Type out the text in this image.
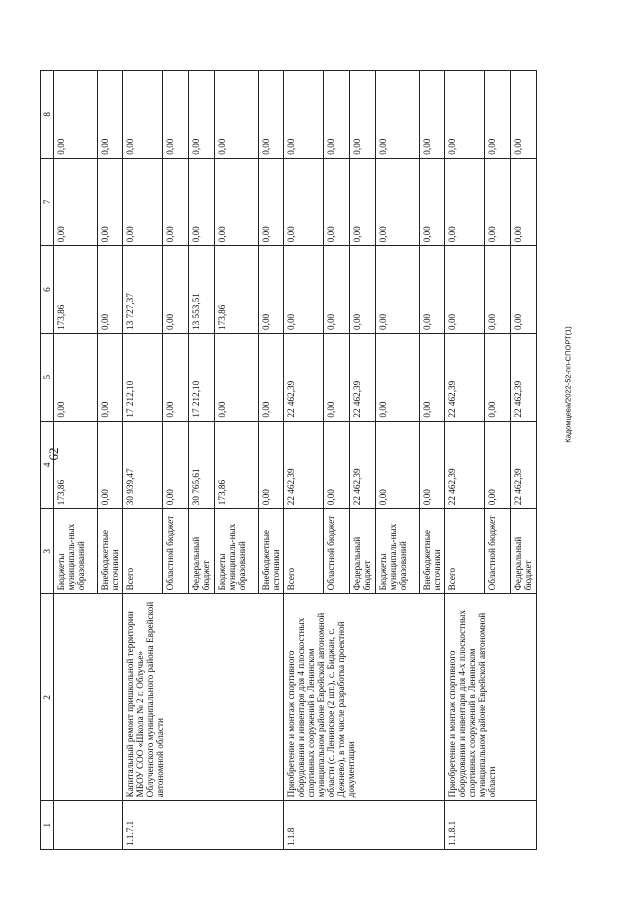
62
Кадомцева/2022-52-пп-СПОРТ(1)
1	2	3	4	5	6	7	8
		Бюджеты муниципаль-ных образований	173,86	0,00	173,86	0,00	0,00
		Внебюджетные источники	0,00	0,00	0,00	0,00	0,00
1.1.7.1	Капитальный ремонт пришкольной территории МБОУ СОО «Школа № 2 г. Облучье» Облученского муниципального района Еврейской автономной области	Всего	30 939,47	17 212,10	13 727,37	0,00	0,00
		Областной бюджет	0,00	0,00	0,00	0,00	0,00
		Федеральный бюджет	30 765,61	17 212,10	13 553,51	0,00	0,00
		Бюджеты муниципаль-ных образований	173,86	0,00	173,86	0,00	0,00
		Внебюджетные источники	0,00	0,00	0,00	0,00	0,00
1.1.8	Приобретение и монтаж спортивного оборудования и инвентаря для 4 плоскостных спортивных сооружений в Ленинском муниципальном районе Еврейской автономной области (с. Ленинское (2 шт.), с. Биджан, с. Дежнево), в том числе разработка проектной документации	Всего	22 462,39	22 462,39	0,00	0,00	0,00
		Областной бюджет	0,00	0,00	0,00	0,00	0,00
		Федеральный бюджет	22 462,39	22 462,39	0,00	0,00	0,00
		Бюджеты муниципаль-ных образований	0,00	0,00	0,00	0,00	0,00
		Внебюджетные источники	0,00	0,00	0,00	0,00	0,00
1.1.8.1	Приобретение и монтаж спортивного оборудования и инвентаря для 4-х плоскостных спортивных сооружений в Ленинском муниципальном районе Еврейской автономной области	Всего	22 462,39	22 462,39	0,00	0,00	0,00
		Областной бюджет	0,00	0,00	0,00	0,00	0,00
		Федеральный бюджет	22 462,39	22 462,39	0,00	0,00	0,00
